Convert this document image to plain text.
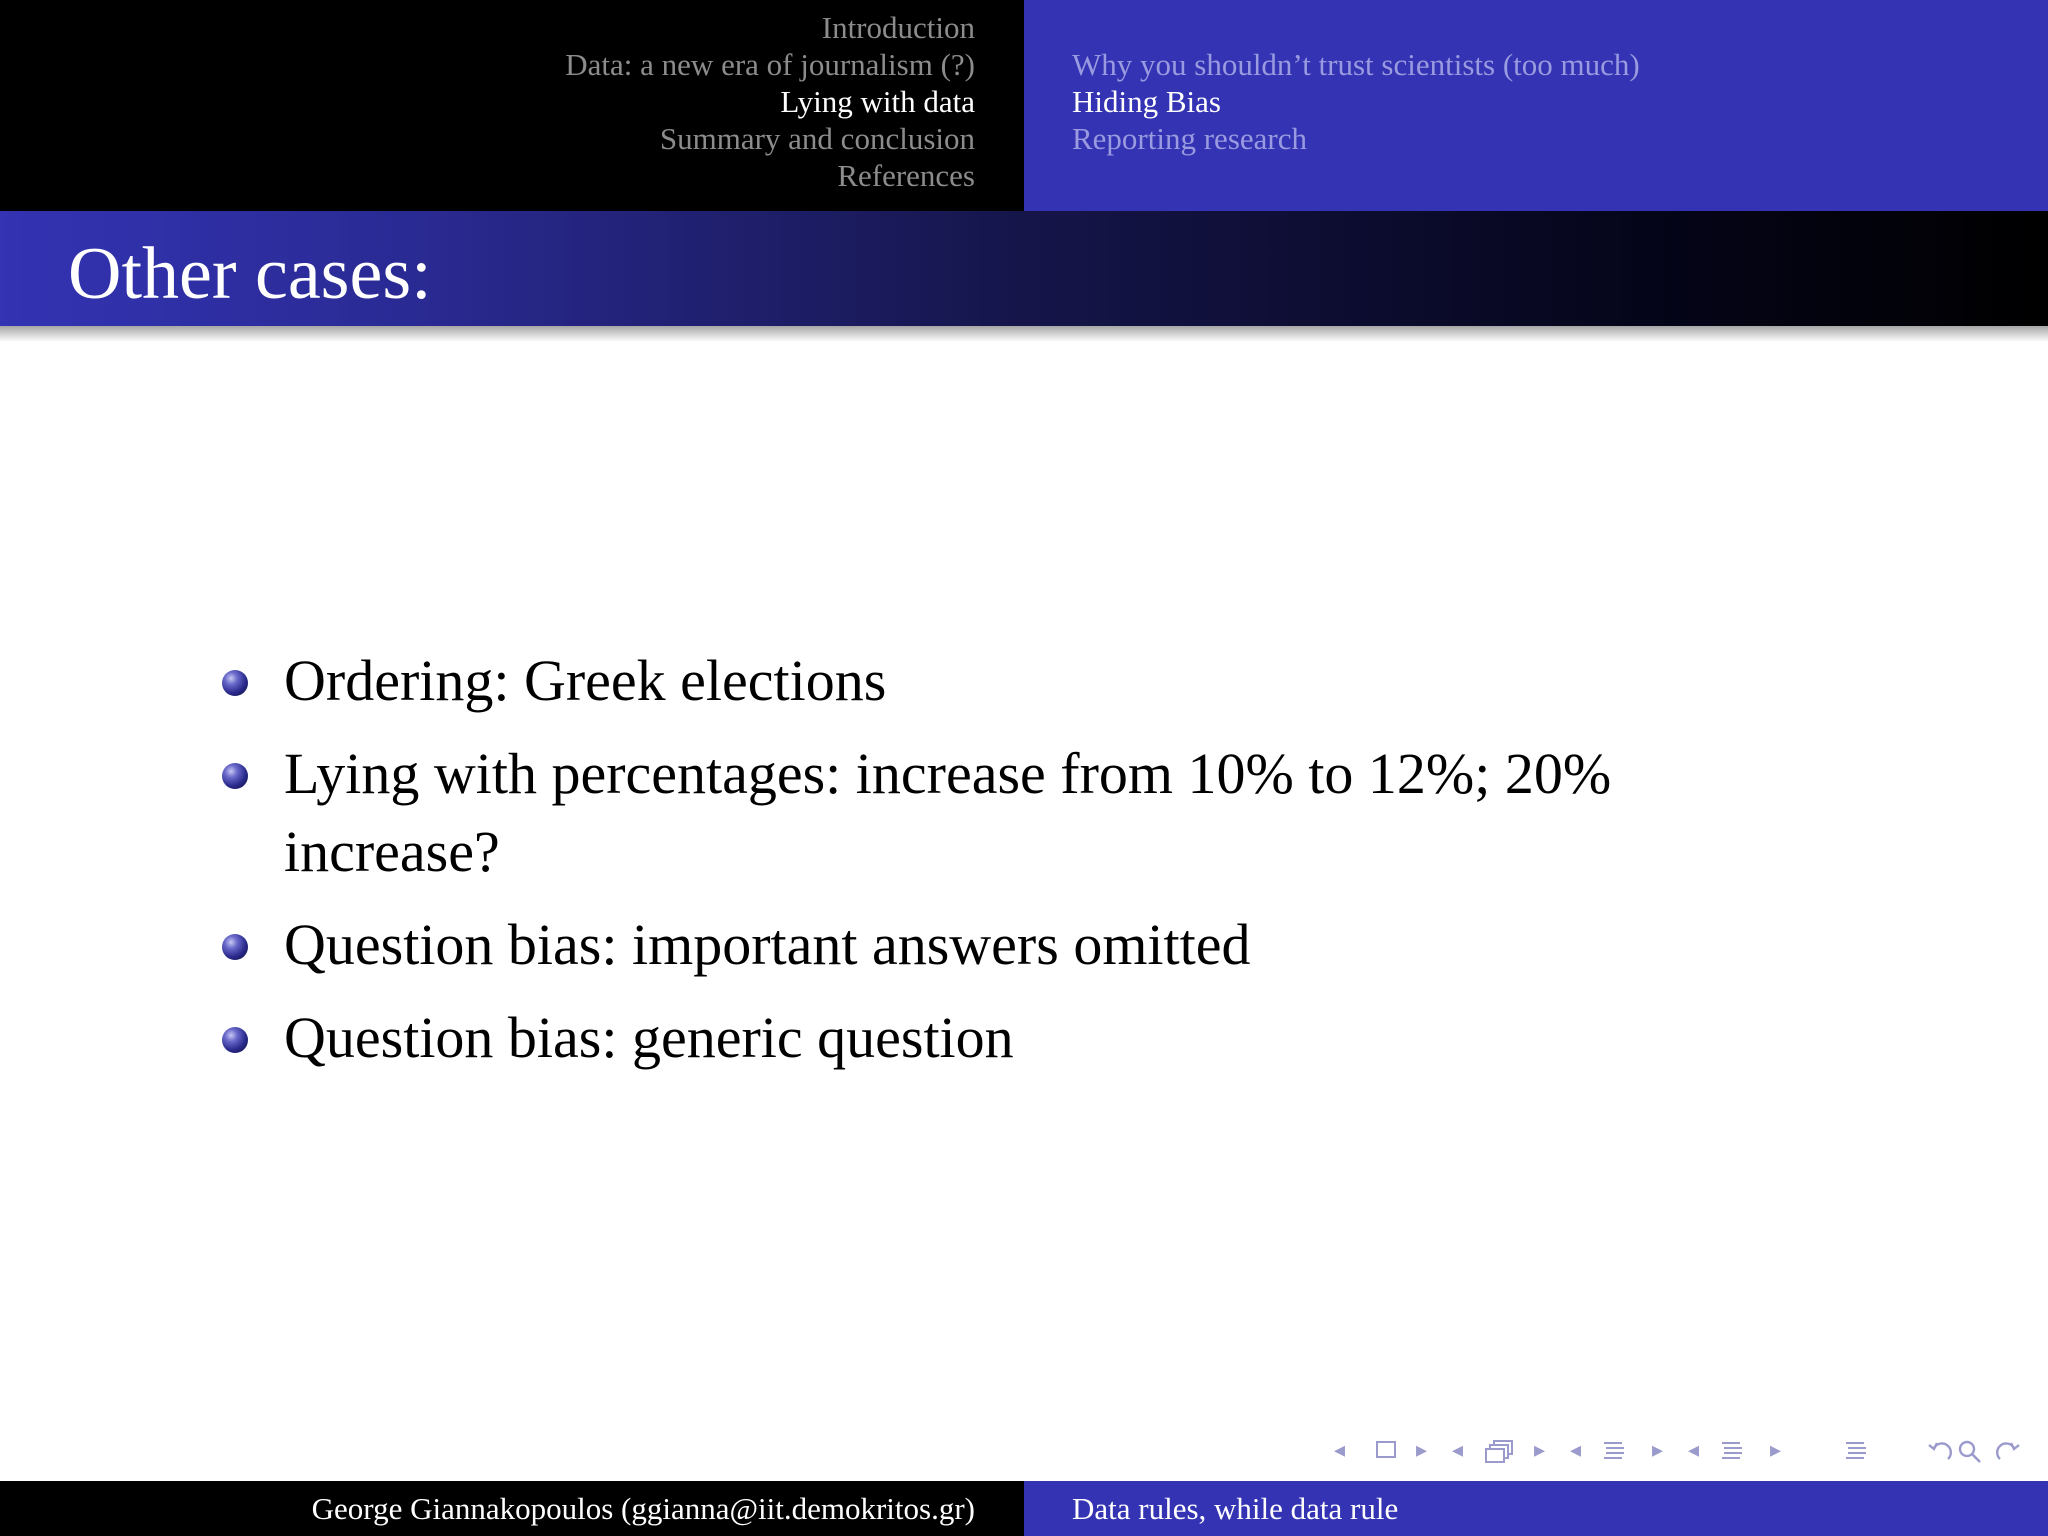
Introduction
Data: a new era of journalism (?)
Lying with data
Summary and conclusion
References
Why you shouldn’t trust scientists (too much)
Hiding Bias
Reporting research
Other cases:
Ordering: Greek elections
Lying with percentages: increase from 10% to 12%; 20% increase?
Question bias: important answers omitted
Question bias: generic question
◂	▸ ◂	▸ ◂	▸ ◂	▸
George Giannakopoulos (ggianna@iit.demokritos.gr)	Data rules, while data rule
